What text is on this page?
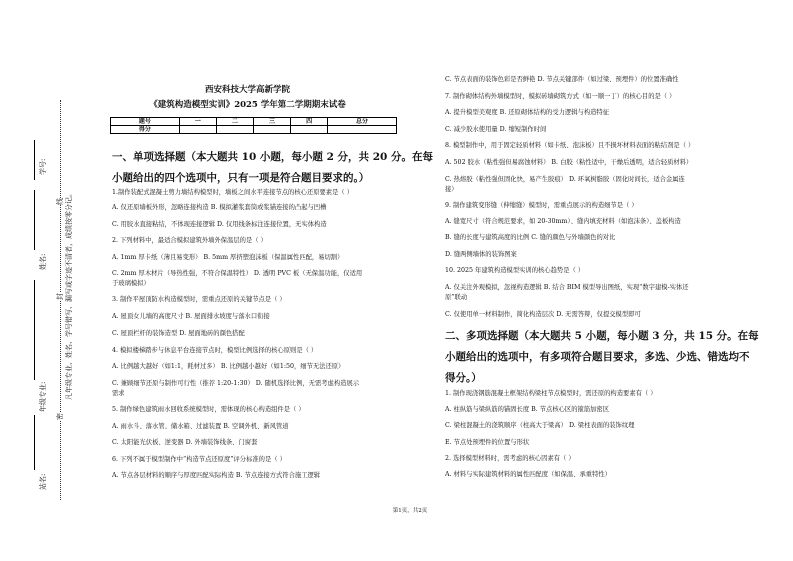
学号:
姓名:
年级专业:
站名:
凡年级专业、姓名、学号错写、漏写或字迹不清者，成绩按零分记。
密
封
线
西安科技大学高新学院
《建筑构造模型实训》2025 学年第二学期期末试卷
题号	一	二	三	四	总分
得分					
一、单项选择题（本大题共 10 小题，每小题 2 分，共 20 分。在每
小题给出的四个选项中，只有一项是符合题目要求的。）
1.制作装配式混凝土剪力墙结构模型时，墙板之间水平连接节点的核心还原要素是（ ）
A. 仅还原墙板外形，忽略连接构造 B. 模拟灌浆套筒或浆锚连接的凸起与凹槽
C. 用胶水直接粘结，不体现连接逻辑 D. 仅用线条标注连接位置，无实体构造
2. 下列材料中，最适合模拟建筑外墙外保温层的是（ ）
A. 1mm 厚卡纸（薄且易变形） B. 5mm 厚挤塑泡沫板（保温属性匹配，易切割）
C. 2mm 厚木材片（导热性强，不符合保温特性） D. 透明 PVC 板（无保温功能，仅适用
于玻璃模拟）
3. 制作平屋顶防水构造模型时，需重点还原的关键节点是（ ）
A. 屋顶女儿墙的高度尺寸 B. 屋面排水坡度与落水口衔接
C. 屋顶栏杆的装饰造型 D. 屋面地砖的颜色搭配
4. 模拟楼梯踏步与休息平台连接节点时，模型比例选择的核心原则是（ ）
A. 比例越大越好（如1:1，耗材过多） B. 比例越小越好（如1:50，细节无法还原）
C. 兼顾细节还原与制作可行性（推荐 1:20-1:30） D. 随机选择比例，无需考虑构造展示
需求
5. 制作绿色建筑雨水回收系统模型时，需体现的核心构造组件是（ ）
A. 雨水斗、落水管、储水箱、过滤装置 B. 空调外机、新风管道
C. 太阳能光伏板、逆变器 D. 外墙装饰线条、门窗套
6. 下列不属于模型制作中“构造节点还原度”评分标准的是（ ）
A. 节点各层材料的顺序与厚度匹配实际构造 B. 节点连接方式符合施工逻辑
C. 节点表面的装饰色彩是否鲜艳 D. 节点关键部件（如过梁、预埋件）的位置准确性
7. 制作砌体结构外墙模型时，模拟砖墙砌筑方式（如一顺一丁）的核心目的是（ ）
A. 提升模型美观度 B. 还原砌体结构的受力逻辑与构造特征
C. 减少胶水使用量 D. 缩短制作时间
8. 模型制作中，用于固定轻质材料（如卡纸、泡沫板）且不损坏材料表面的粘结剂是（ ）
A. 502 胶水（粘性强但易腐蚀材料） B. 白胶（粘性适中，干燥后透明，适合轻质材料）
C. 热熔胶（粘性强但固化快，易产生胶痕） D. 环氧树脂胶（固化时间长，适合金属连
接）
9. 制作建筑变形缝（伸缩缝）模型时，需重点展示的构造细节是（ ）
A. 缝宽尺寸（符合规范要求，如 20-30mm）、缝内填充材料（如泡沫条）、盖板构造
B. 缝的长度与建筑高度的比例 C. 缝的颜色与外墙颜色的对比
D. 缝两侧墙体的装饰图案
10. 2025 年建筑构造模型实训的核心趋势是（ ）
A. 仅关注外观模拟，忽视构造逻辑 B. 结合 BIM 模型导出图纸，实现“数字建模-实体还
原”联动
C. 仅使用单一材料制作，简化构造层次 D. 无需答辩，仅提交模型即可
二、多项选择题（本大题共 5 小题，每小题 3 分，共 15 分。在每
小题给出的选项中，有多项符合题目要求，多选、少选、错选均不
得分。）
1. 制作现浇钢筋混凝土框架结构梁柱节点模型时，需还原的构造要素有（ ）
A. 柱纵筋与梁纵筋的锚固长度 B. 节点核心区的箍筋加密区
C. 梁柱混凝土的浇筑顺序（柱高大于梁高） D. 梁柱表面的装饰纹理
E. 节点处预埋件的位置与形状
2. 选择模型材料时，需考虑的核心因素有（ ）
A. 材料与实际建筑材料的属性匹配度（如保温、承重特性）
第1页，共2页
